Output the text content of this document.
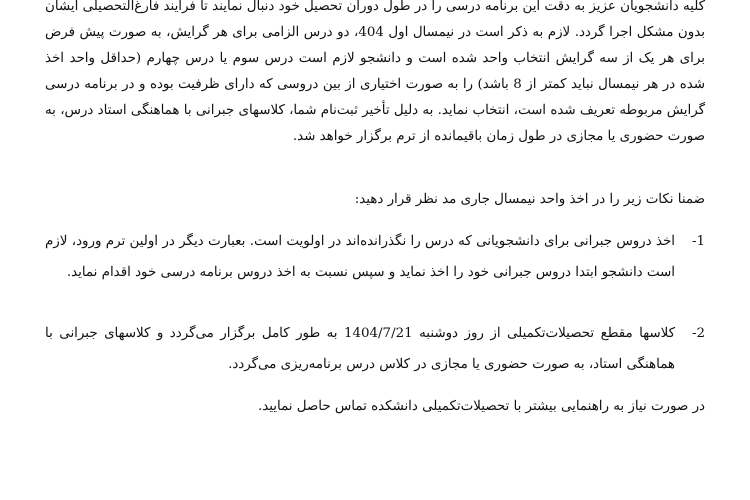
کلیه دانشجویان عزیز به دقت این برنامه درسی را در طول دوران تحصیل خود دنبال نمایند تا فرایند فارغ‌التحصیلی ایشان بدون مشکل اجرا گردد. لازم به ذکر است در نیمسال اول 404، دو درس الزامی برای هر گرایش، به صورت پیش فرض برای هر یک از سه گرایش انتخاب واحد شده است و دانشجو لازم است درس سوم یا درس چهارم (حداقل واحد اخذ شده در هر نیمسال نباید کمتر از 8 باشد) را به صورت اختیاری از بین دروسی که دارای ظرفیت بوده و در برنامه درسی گرایش مربوطه تعریف شده است، انتخاب نماید. به دلیل تأخیر ثبت‌نام شما، کلاسهای جبرانی با هماهنگی استاد درس، به صورت حضوری یا مجازی در طول زمان باقیمانده از ترم برگزار خواهد شد.

ضمنا نکات زیر را در اخذ واحد نیمسال جاری مد نظر قرار دهید:

1-
اخذ دروس جبرانی برای دانشجویانی که درس را نگذرانده‌اند در اولویت است. بعبارت دیگر در اولین ترم ورود، لازم است دانشجو ابتدا دروس جبرانی خود را اخذ نماید و سپس نسبت به اخذ دروس برنامه درسی خود اقدام نماید.
2-
کلاسها مقطع تحصیلات‌تکمیلی از روز دوشنبه 1404/7/21 به طور کامل برگزار می‌گردد و کلاسهای جبرانی با هماهنگی استاد، به صورت حضوری یا مجازی در کلاس درس برنامه‌ریزی می‌گردد.

در صورت نیاز به راهنمایی بیشتر با تحصیلات‌تکمیلی دانشکده تماس حاصل نمایید.
